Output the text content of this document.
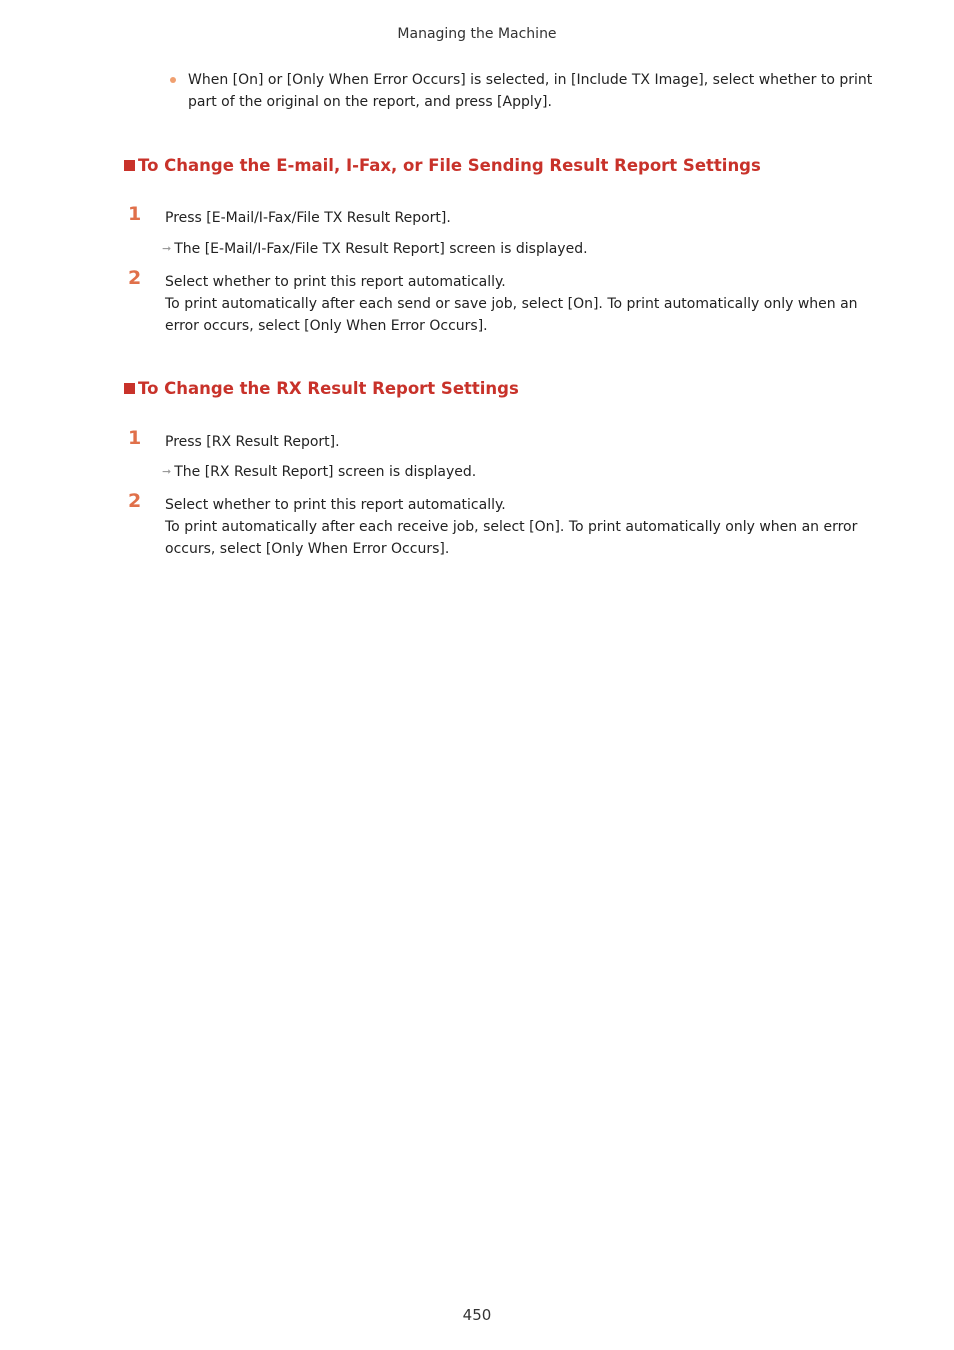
Managing the Machine
When [On] or [Only When Error Occurs] is selected, in [Include TX Image], select whether to print part of the original on the report, and press [Apply].
To Change the E-mail, I-Fax, or File Sending Result Report Settings
1 Press [E-Mail/I-Fax/File TX Result Report].

➞ The [E-Mail/I-Fax/File TX Result Report] screen is displayed.
2 Select whether to print this report automatically.

To print automatically after each send or save job, select [On]. To print automatically only when an error occurs, select [Only When Error Occurs].

To Change the RX Result Report Settings
1 Press [RX Result Report].

➞ The [RX Result Report] screen is displayed.
2 Select whether to print this report automatically.

To print automatically after each receive job, select [On]. To print automatically only when an error occurs, select [Only When Error Occurs].

450
